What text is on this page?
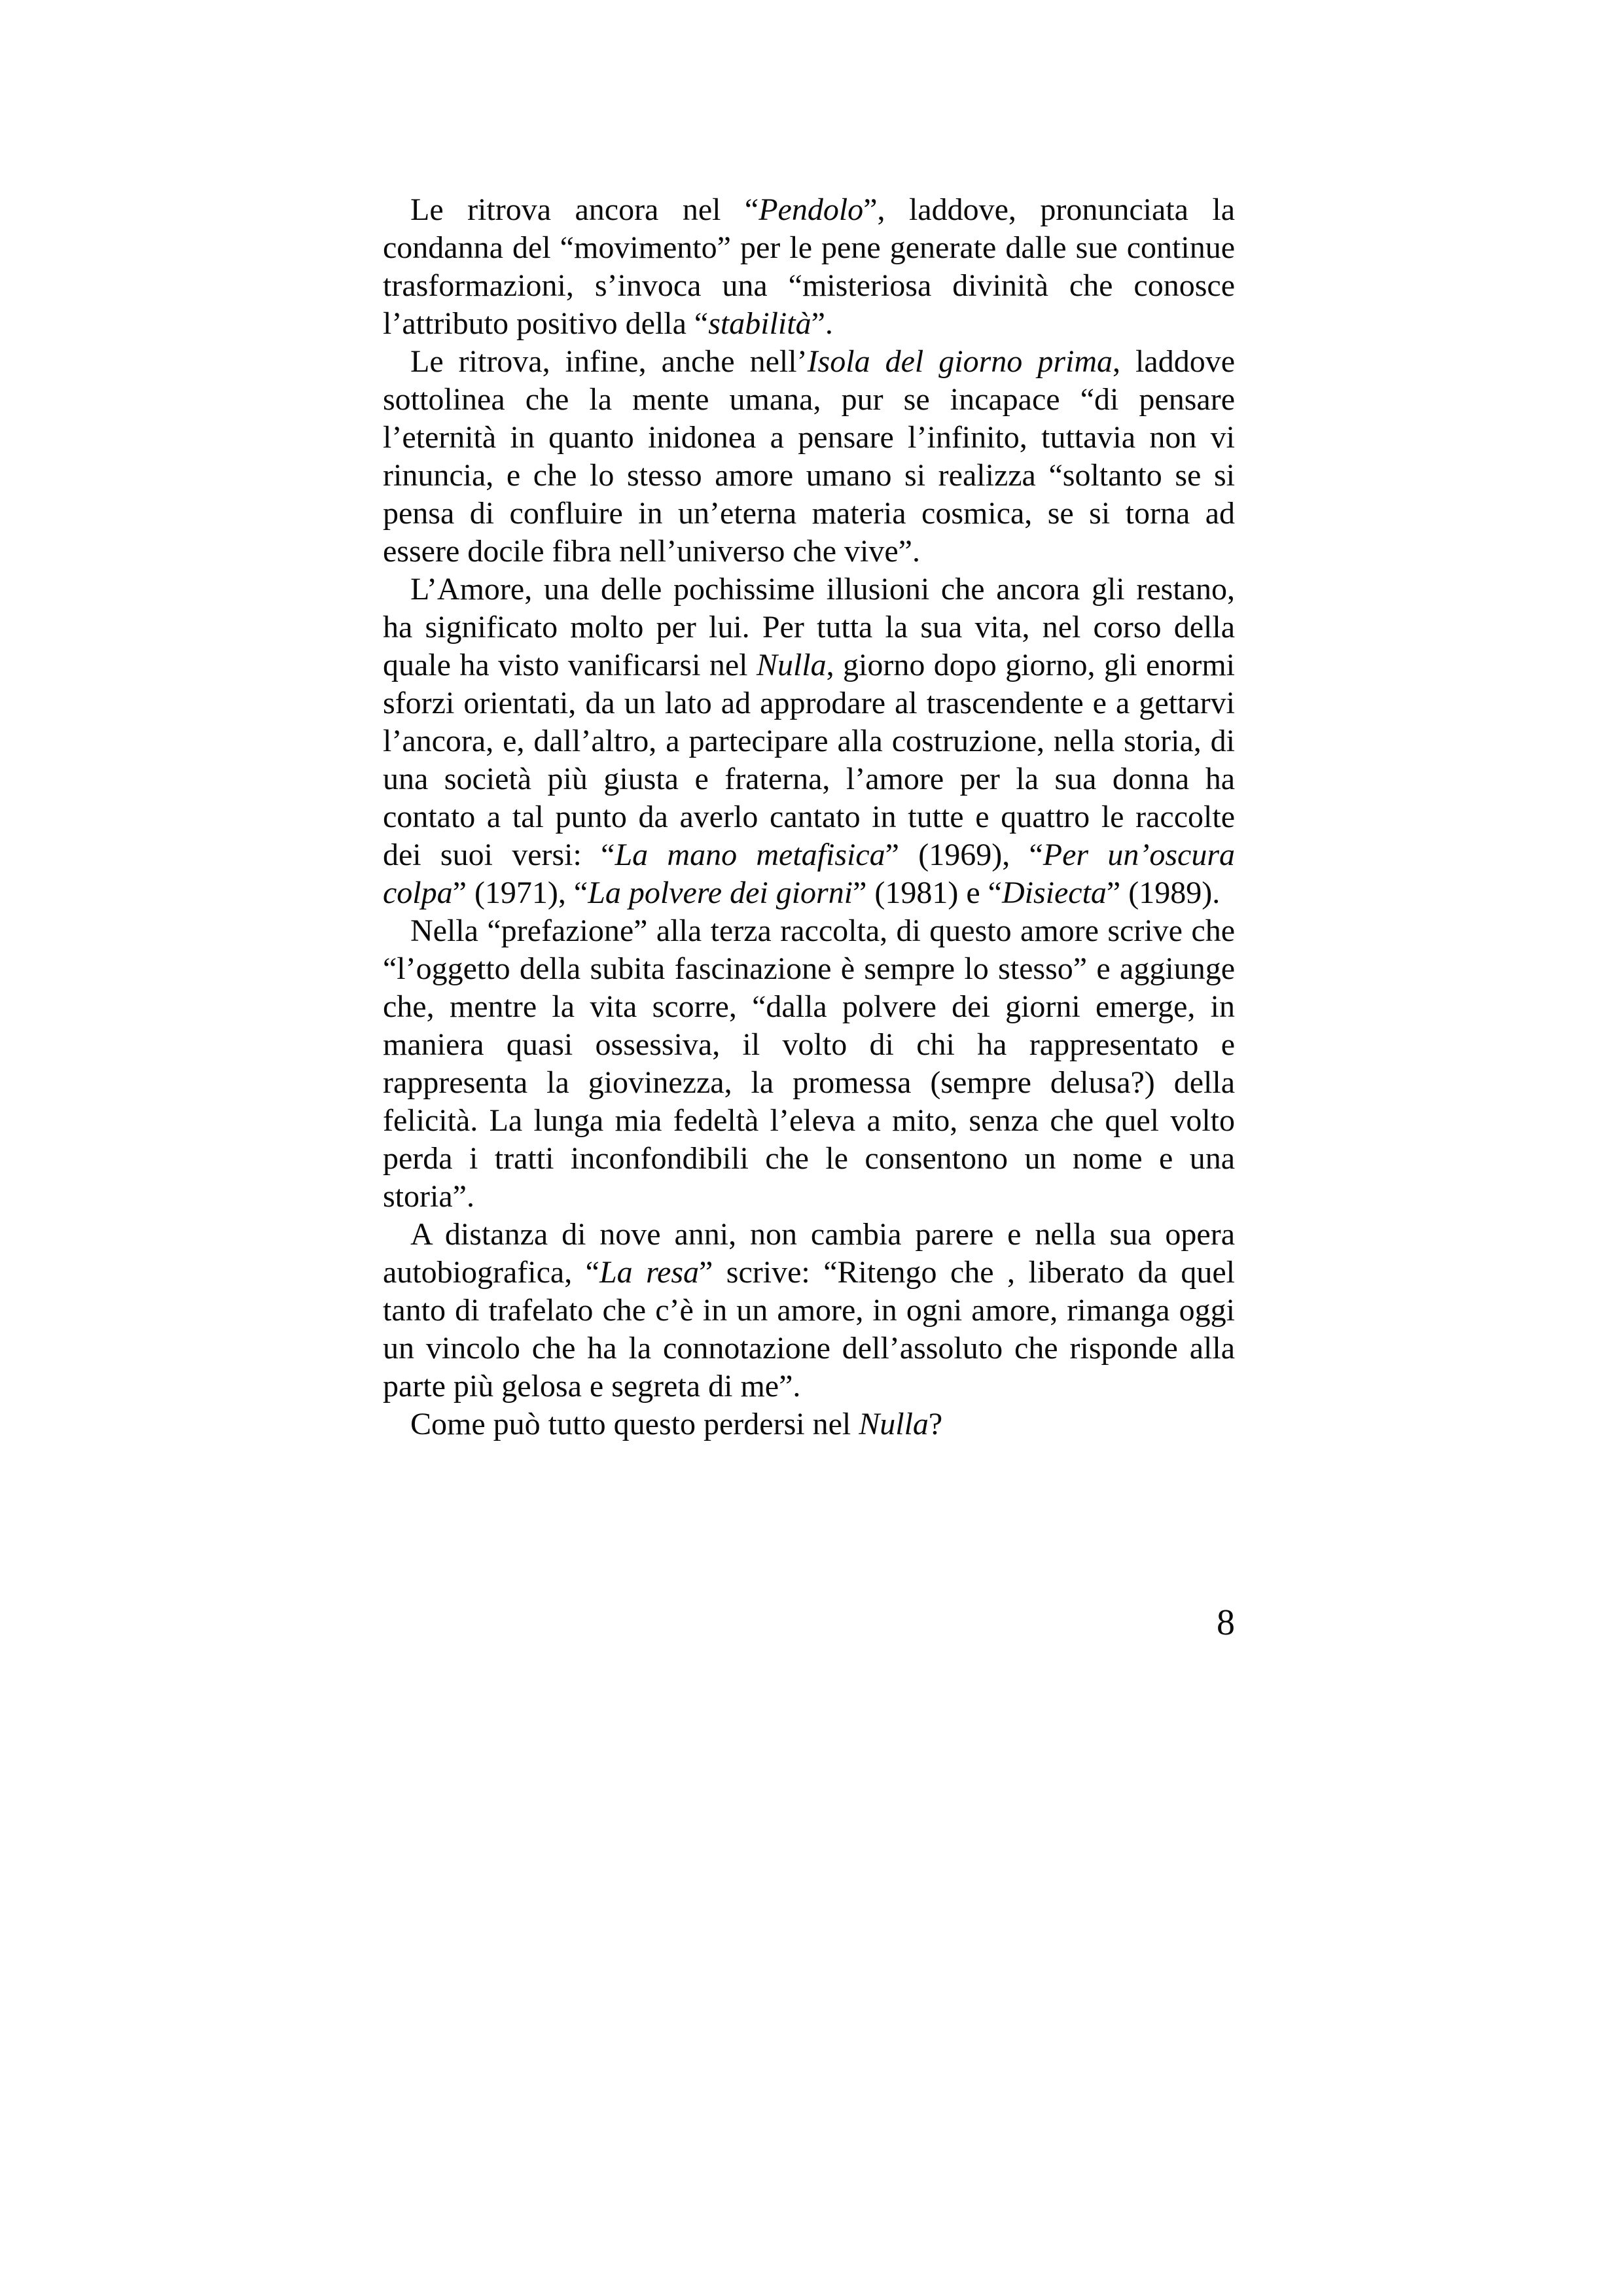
Le ritrova ancora nel “Pendolo”, laddove, pronunciata la condanna del “movimento” per le pene generate dalle sue continue trasformazioni, s’invoca una “misteriosa divinità che conosce l’attributo positivo della “stabilità”.

Le ritrova, infine, anche nell’Isola del giorno prima, laddove sottolinea che la mente umana, pur se incapace “di pensare l’eternità in quanto inidonea a pensare l’infinito, tuttavia non vi rinuncia, e che lo stesso amore umano si realizza “soltanto se si pensa di confluire in un’eterna materia cosmica, se si torna ad essere docile fibra nell’universo che vive”.

L’Amore, una delle pochissime illusioni che ancora gli restano, ha significato molto per lui. Per tutta la sua vita, nel corso della quale ha visto vanificarsi nel Nulla, giorno dopo giorno, gli enormi sforzi orientati, da un lato ad approdare al trascendente e a gettarvi l’ancora, e, dall’altro, a partecipare alla costruzione, nella storia, di una società più giusta e fraterna, l’amore per la sua donna ha contato a tal punto da averlo cantato in tutte e quattro le raccolte dei suoi versi: “La mano metafisica” (1969), “Per un’oscura colpa” (1971), “La polvere dei giorni” (1981) e “Disiecta” (1989).

Nella “prefazione” alla terza raccolta, di questo amore scrive che “l’oggetto della subita fascinazione è sempre lo stesso” e aggiunge che, mentre la vita scorre, “dalla polvere dei giorni emerge, in maniera quasi ossessiva, il volto di chi ha rappresentato e rappresenta la giovinezza, la promessa (sempre delusa?) della felicità. La lunga mia fedeltà l’eleva a mito, senza che quel volto perda i tratti inconfondibili che le consentono un nome e una storia”.

A distanza di nove anni, non cambia parere e nella sua opera autobiografica, “La resa” scrive: “Ritengo che , liberato da quel tanto di trafelato che c’è in un amore, in ogni amore, rimanga oggi un vincolo che ha la connotazione dell’assoluto che risponde alla parte più gelosa e segreta di me”.

Come può tutto questo perdersi nel Nulla?

8
